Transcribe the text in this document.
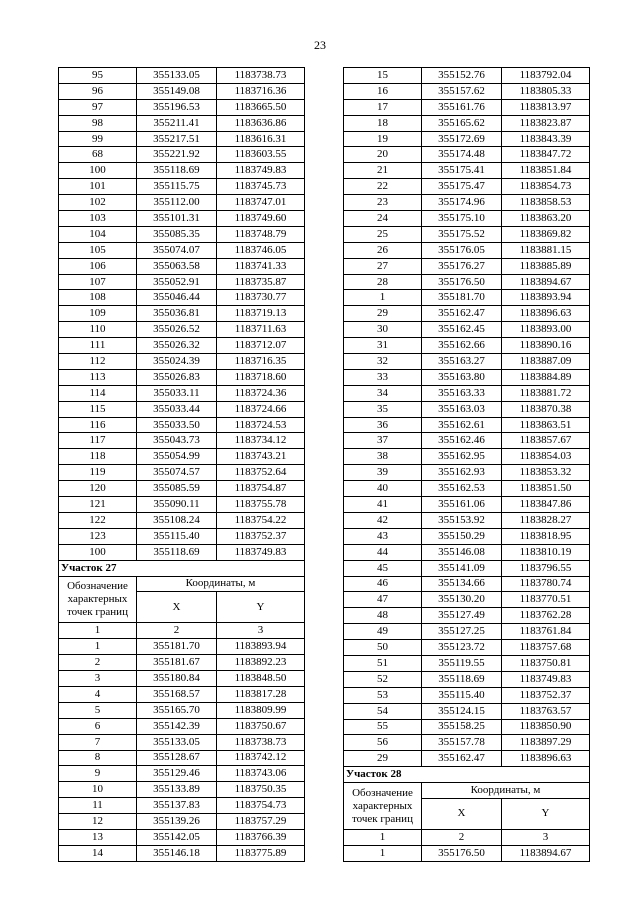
23
95	355133.05	1183738.73
96	355149.08	1183716.36
97	355196.53	1183665.50
98	355211.41	1183636.86
99	355217.51	1183616.31
68	355221.92	1183603.55
100	355118.69	1183749.83
101	355115.75	1183745.73
102	355112.00	1183747.01
103	355101.31	1183749.60
104	355085.35	1183748.79
105	355074.07	1183746.05
106	355063.58	1183741.33
107	355052.91	1183735.87
108	355046.44	1183730.77
109	355036.81	1183719.13
110	355026.52	1183711.63
111	355026.32	1183712.07
112	355024.39	1183716.35
113	355026.83	1183718.60
114	355033.11	1183724.36
115	355033.44	1183724.66
116	355033.50	1183724.53
117	355043.73	1183734.12
118	355054.99	1183743.21
119	355074.57	1183752.64
120	355085.59	1183754.87
121	355090.11	1183755.78
122	355108.24	1183754.22
123	355115.40	1183752.37
100	355118.69	1183749.83
Участок 27		
Обозначение характерных точек границ	Координаты, м	
	X	Y
1	2	3
1	355181.70	1183893.94
2	355181.67	1183892.23
3	355180.84	1183848.50
4	355168.57	1183817.28
5	355165.70	1183809.99
6	355142.39	1183750.67
7	355133.05	1183738.73
8	355128.67	1183742.12
9	355129.46	1183743.06
10	355133.89	1183750.35
11	355137.83	1183754.73
12	355139.26	1183757.29
13	355142.05	1183766.39
14	355146.18	1183775.89
15	355152.76	1183792.04
16	355157.62	1183805.33
17	355161.76	1183813.97
18	355165.62	1183823.87
19	355172.69	1183843.39
20	355174.48	1183847.72
21	355175.41	1183851.84
22	355175.47	1183854.73
23	355174.96	1183858.53
24	355175.10	1183863.20
25	355175.52	1183869.82
26	355176.05	1183881.15
27	355176.27	1183885.89
28	355176.50	1183894.67
1	355181.70	1183893.94
29	355162.47	1183896.63
30	355162.45	1183893.00
31	355162.66	1183890.16
32	355163.27	1183887.09
33	355163.80	1183884.89
34	355163.33	1183881.72
35	355163.03	1183870.38
36	355162.61	1183863.51
37	355162.46	1183857.67
38	355162.95	1183854.03
39	355162.93	1183853.32
40	355162.53	1183851.50
41	355161.06	1183847.86
42	355153.92	1183828.27
43	355150.29	1183818.95
44	355146.08	1183810.19
45	355141.09	1183796.55
46	355134.66	1183780.74
47	355130.20	1183770.51
48	355127.49	1183762.28
49	355127.25	1183761.84
50	355123.72	1183757.68
51	355119.55	1183750.81
52	355118.69	1183749.83
53	355115.40	1183752.37
54	355124.15	1183763.57
55	355158.25	1183850.90
56	355157.78	1183897.29
29	355162.47	1183896.63
Участок 28		
Обозначение характерных точек границ	Координаты, м	
	X	Y
1	2	3
1	355176.50	1183894.67
